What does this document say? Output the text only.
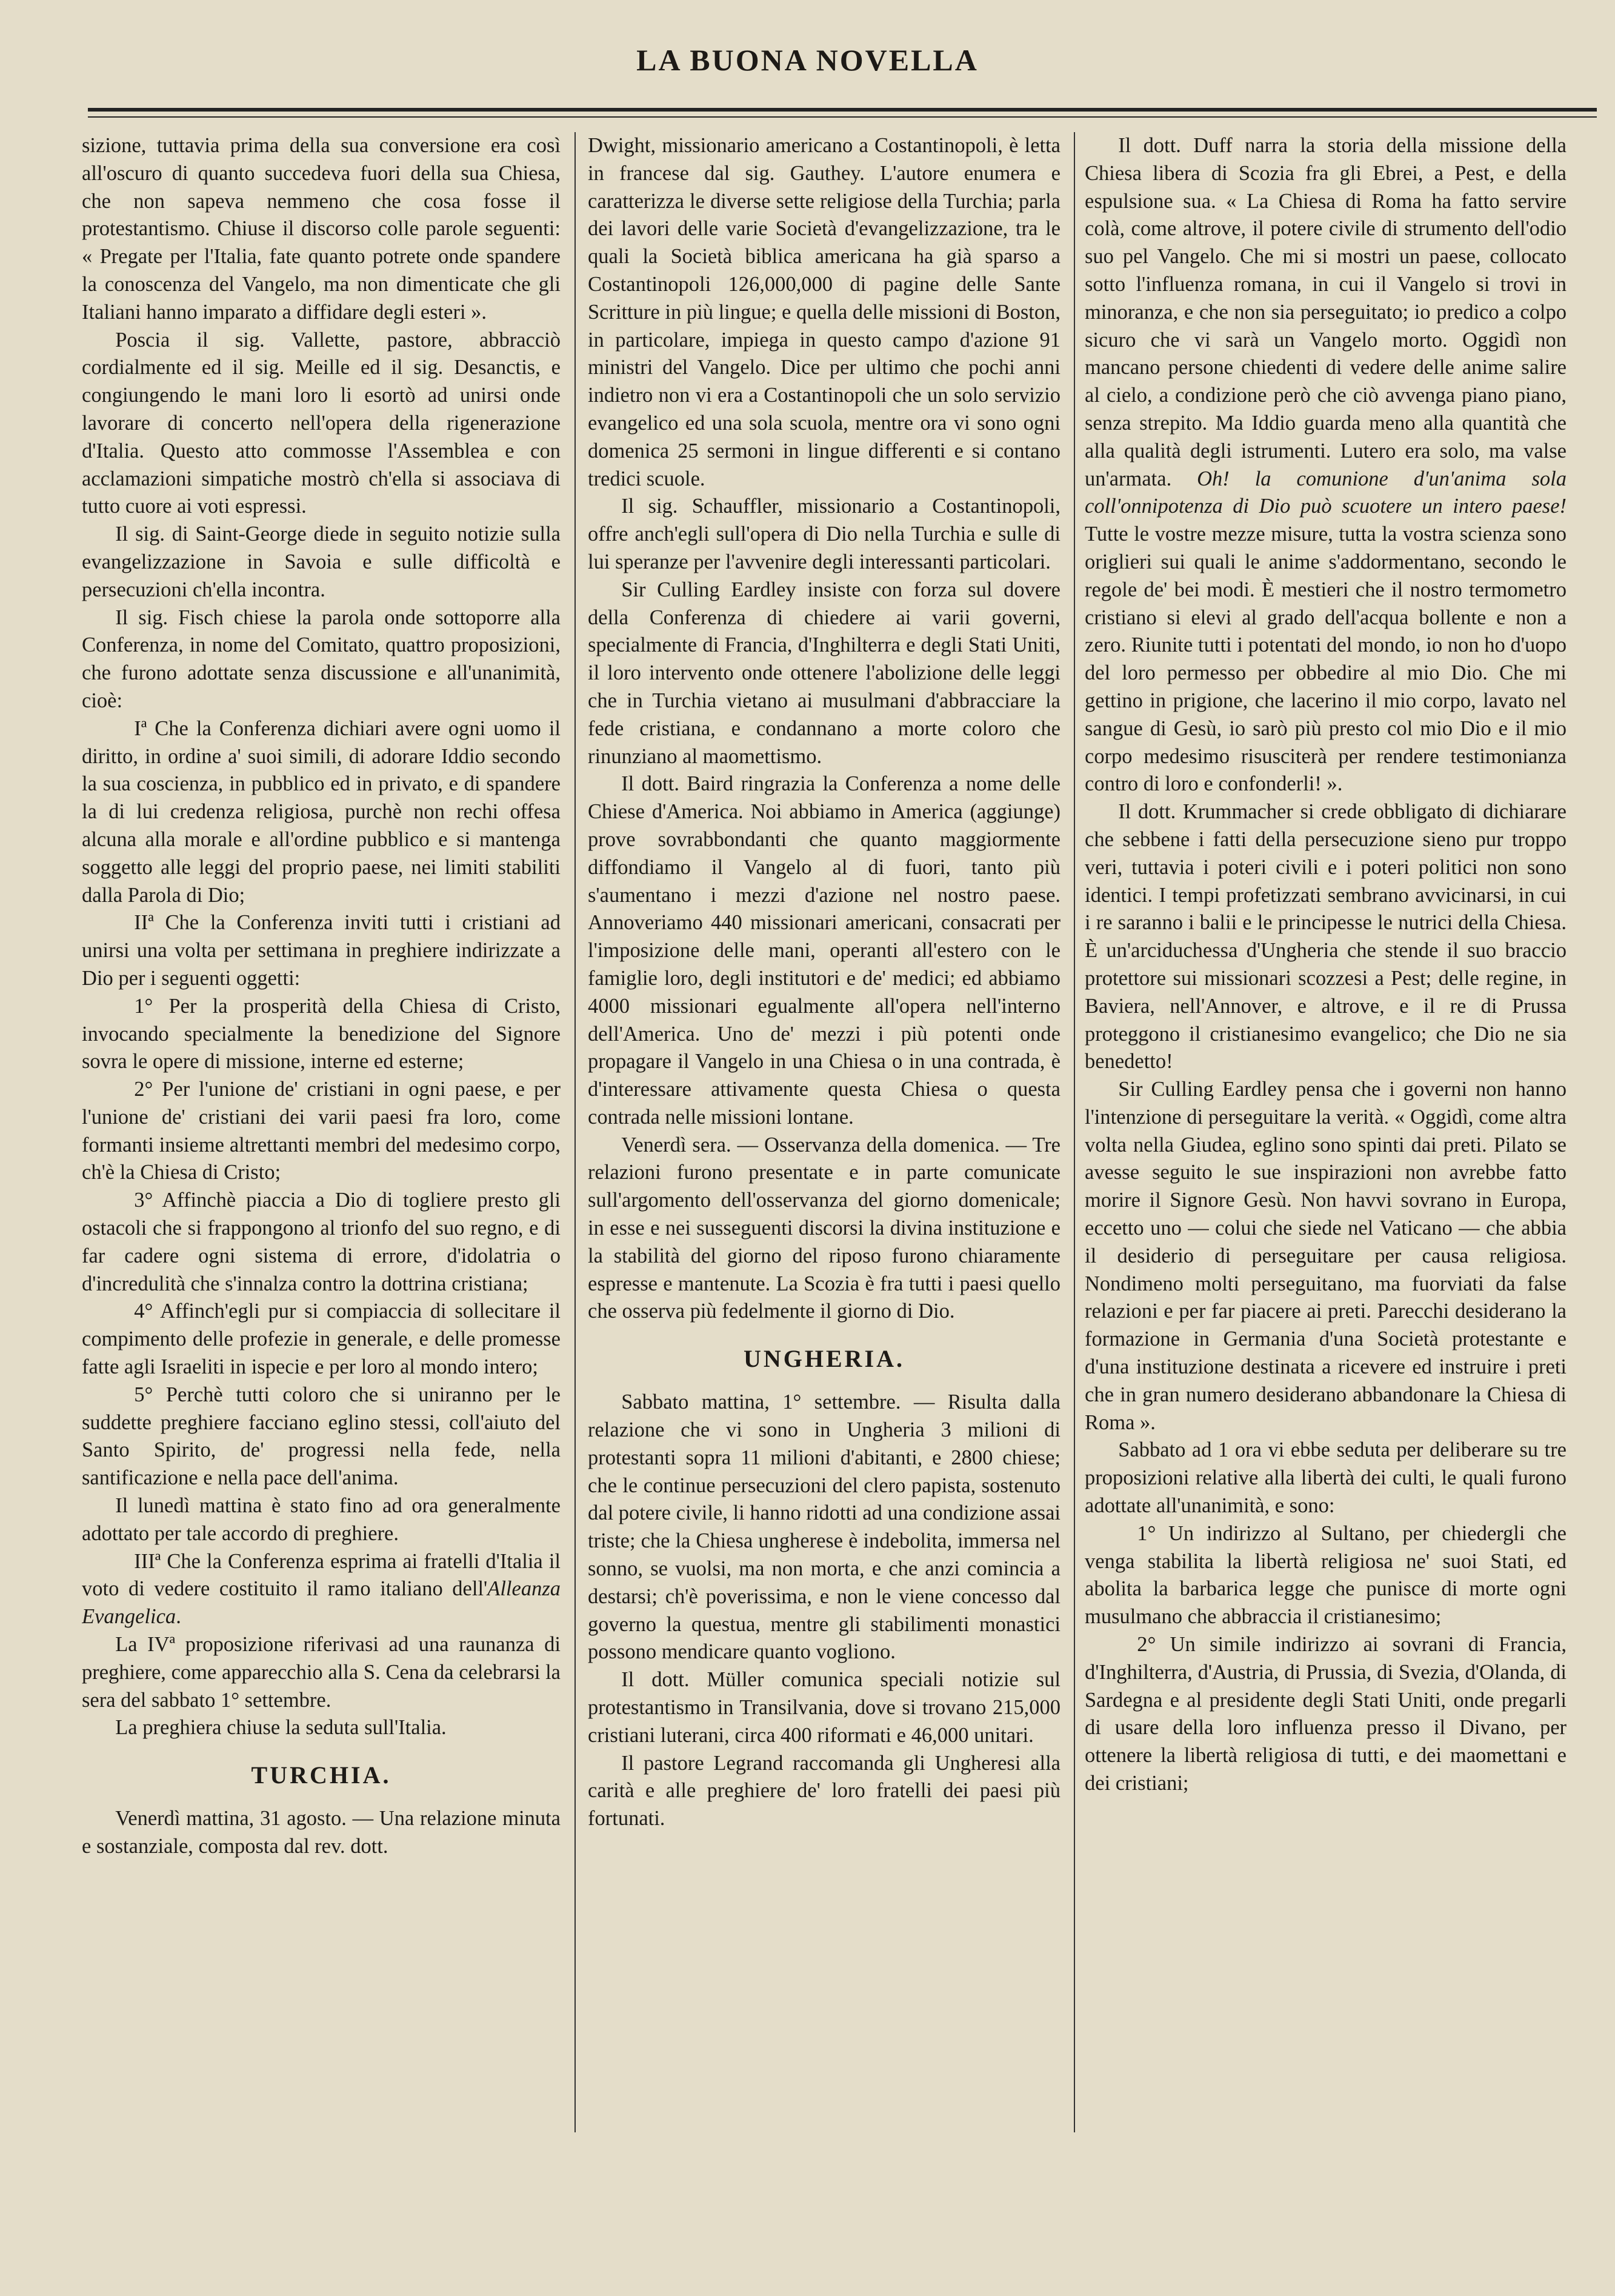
LA BUONA NOVELLA

sizione, tuttavia prima della sua conversione era così all'oscuro di quanto succedeva fuori della sua Chiesa, che non sapeva nemmeno che cosa fosse il protestantismo. Chiuse il discorso colle parole seguenti: « Pregate per l'Italia, fate quanto potrete onde spandere la conoscenza del Vangelo, ma non dimenticate che gli Italiani hanno imparato a diffidare degli esteri ».

Poscia il sig. Vallette, pastore, abbracciò cordialmente ed il sig. Meille ed il sig. Desanctis, e congiungendo le mani loro li esortò ad unirsi onde lavorare di concerto nell'opera della rigenerazione d'Italia. Questo atto commosse l'Assemblea e con acclamazioni simpatiche mostrò ch'ella si associava di tutto cuore ai voti espressi.

Il sig. di Saint-George diede in seguito notizie sulla evangelizzazione in Savoia e sulle difficoltà e persecuzioni ch'ella incontra.

Il sig. Fisch chiese la parola onde sottoporre alla Conferenza, in nome del Comitato, quattro proposizioni, che furono adottate senza discussione e all'unanimità, cioè:

Iª Che la Conferenza dichiari avere ogni uomo il diritto, in ordine a' suoi simili, di adorare Iddio secondo la sua coscienza, in pubblico ed in privato, e di spandere la di lui credenza religiosa, purchè non rechi offesa alcuna alla morale e all'ordine pubblico e si mantenga soggetto alle leggi del proprio paese, nei limiti stabiliti dalla Parola di Dio;

IIª Che la Conferenza inviti tutti i cristiani ad unirsi una volta per settimana in preghiere indirizzate a Dio per i seguenti oggetti:

1° Per la prosperità della Chiesa di Cristo, invocando specialmente la benedizione del Signore sovra le opere di missione, interne ed esterne;

2° Per l'unione de' cristiani in ogni paese, e per l'unione de' cristiani dei varii paesi fra loro, come formanti insieme altrettanti membri del medesimo corpo, ch'è la Chiesa di Cristo;

3° Affinchè piaccia a Dio di togliere presto gli ostacoli che si frappongono al trionfo del suo regno, e di far cadere ogni sistema di errore, d'idolatria o d'incredulità che s'innalza contro la dottrina cristiana;

4° Affinch'egli pur si compiaccia di sollecitare il compimento delle profezie in generale, e delle promesse fatte agli Israeliti in ispecie e per loro al mondo intero;

5° Perchè tutti coloro che si uniranno per le suddette preghiere facciano eglino stessi, coll'aiuto del Santo Spirito, de' progressi nella fede, nella santificazione e nella pace dell'anima.

Il lunedì mattina è stato fino ad ora generalmente adottato per tale accordo di preghiere.

IIIª Che la Conferenza esprima ai fratelli d'Italia il voto di vedere costituito il ramo italiano dell'Alleanza Evangelica.

La IVª proposizione riferivasi ad una raunanza di preghiere, come apparecchio alla S. Cena da celebrarsi la sera del sabbato 1° settembre.

La preghiera chiuse la seduta sull'Italia.

TURCHIA.

Venerdì mattina, 31 agosto. — Una relazione minuta e sostanziale, composta dal rev. dott.

Dwight, missionario americano a Costantinopoli, è letta in francese dal sig. Gauthey. L'autore enumera e caratterizza le diverse sette religiose della Turchia; parla dei lavori delle varie Società d'evangelizzazione, tra le quali la Società biblica americana ha già sparso a Costantinopoli 126,000,000 di pagine delle Sante Scritture in più lingue; e quella delle missioni di Boston, in particolare, impiega in questo campo d'azione 91 ministri del Vangelo. Dice per ultimo che pochi anni indietro non vi era a Costantinopoli che un solo servizio evangelico ed una sola scuola, mentre ora vi sono ogni domenica 25 sermoni in lingue differenti e si contano tredici scuole.

Il sig. Schauffler, missionario a Costantinopoli, offre anch'egli sull'opera di Dio nella Turchia e sulle di lui speranze per l'avvenire degli interessanti particolari.

Sir Culling Eardley insiste con forza sul dovere della Conferenza di chiedere ai varii governi, specialmente di Francia, d'Inghilterra e degli Stati Uniti, il loro intervento onde ottenere l'abolizione delle leggi che in Turchia vietano ai musulmani d'abbracciare la fede cristiana, e condannano a morte coloro che rinunziano al maomettismo.

Il dott. Baird ringrazia la Conferenza a nome delle Chiese d'America. Noi abbiamo in America (aggiunge) prove sovrabbondanti che quanto maggiormente diffondiamo il Vangelo al di fuori, tanto più s'aumentano i mezzi d'azione nel nostro paese. Annoveriamo 440 missionari americani, consacrati per l'imposizione delle mani, operanti all'estero con le famiglie loro, degli institutori e de' medici; ed abbiamo 4000 missionari egualmente all'opera nell'interno dell'America. Uno de' mezzi i più potenti onde propagare il Vangelo in una Chiesa o in una contrada, è d'interessare attivamente questa Chiesa o questa contrada nelle missioni lontane.

Venerdì sera. — Osservanza della domenica. — Tre relazioni furono presentate e in parte comunicate sull'argomento dell'osservanza del giorno domenicale; in esse e nei susseguenti discorsi la divina instituzione e la stabilità del giorno del riposo furono chiaramente espresse e mantenute. La Scozia è fra tutti i paesi quello che osserva più fedelmente il giorno di Dio.

UNGHERIA.

Sabbato mattina, 1° settembre. — Risulta dalla relazione che vi sono in Ungheria 3 milioni di protestanti sopra 11 milioni d'abitanti, e 2800 chiese; che le continue persecuzioni del clero papista, sostenuto dal potere civile, li hanno ridotti ad una condizione assai triste; che la Chiesa ungherese è indebolita, immersa nel sonno, se vuolsi, ma non morta, e che anzi comincia a destarsi; ch'è poverissima, e non le viene concesso dal governo la questua, mentre gli stabilimenti monastici possono mendicare quanto vogliono.

Il dott. Müller comunica speciali notizie sul protestantismo in Transilvania, dove si trovano 215,000 cristiani luterani, circa 400 riformati e 46,000 unitari.

Il pastore Legrand raccomanda gli Ungheresi alla carità e alle preghiere de' loro fratelli dei paesi più fortunati.

Il dott. Duff narra la storia della missione della Chiesa libera di Scozia fra gli Ebrei, a Pest, e della espulsione sua. « La Chiesa di Roma ha fatto servire colà, come altrove, il potere civile di strumento dell'odio suo pel Vangelo. Che mi si mostri un paese, collocato sotto l'influenza romana, in cui il Vangelo si trovi in minoranza, e che non sia perseguitato; io predico a colpo sicuro che vi sarà un Vangelo morto. Oggidì non mancano persone chiedenti di vedere delle anime salire al cielo, a condizione però che ciò avvenga piano piano, senza strepito. Ma Iddio guarda meno alla quantità che alla qualità degli istrumenti. Lutero era solo, ma valse un'armata. Oh! la comunione d'un'anima sola coll'onnipotenza di Dio può scuotere un intero paese! Tutte le vostre mezze misure, tutta la vostra scienza sono origlieri sui quali le anime s'addormentano, secondo le regole de' bei modi. È mestieri che il nostro termometro cristiano si elevi al grado dell'acqua bollente e non a zero. Riunite tutti i potentati del mondo, io non ho d'uopo del loro permesso per obbedire al mio Dio. Che mi gettino in prigione, che lacerino il mio corpo, lavato nel sangue di Gesù, io sarò più presto col mio Dio e il mio corpo medesimo risusciterà per rendere testimonianza contro di loro e confonderli! ».

Il dott. Krummacher si crede obbligato di dichiarare che sebbene i fatti della persecuzione sieno pur troppo veri, tuttavia i poteri civili e i poteri politici non sono identici. I tempi profetizzati sembrano avvicinarsi, in cui i re saranno i balii e le principesse le nutrici della Chiesa. È un'arciduchessa d'Ungheria che stende il suo braccio protettore sui missionari scozzesi a Pest; delle regine, in Baviera, nell'Annover, e altrove, e il re di Prussa proteggono il cristianesimo evangelico; che Dio ne sia benedetto!

Sir Culling Eardley pensa che i governi non hanno l'intenzione di perseguitare la verità. « Oggidì, come altra volta nella Giudea, eglino sono spinti dai preti. Pilato se avesse seguito le sue inspirazioni non avrebbe fatto morire il Signore Gesù. Non havvi sovrano in Europa, eccetto uno — colui che siede nel Vaticano — che abbia il desiderio di perseguitare per causa religiosa. Nondimeno molti perseguitano, ma fuorviati da false relazioni e per far piacere ai preti. Parecchi desiderano la formazione in Germania d'una Società protestante e d'una instituzione destinata a ricevere ed instruire i preti che in gran numero desiderano abbandonare la Chiesa di Roma ».

Sabbato ad 1 ora vi ebbe seduta per deliberare su tre proposizioni relative alla libertà dei culti, le quali furono adottate all'unanimità, e sono:

1° Un indirizzo al Sultano, per chiedergli che venga stabilita la libertà religiosa ne' suoi Stati, ed abolita la barbarica legge che punisce di morte ogni musulmano che abbraccia il cristianesimo;

2° Un simile indirizzo ai sovrani di Francia, d'Inghilterra, d'Austria, di Prussia, di Svezia, d'Olanda, di Sardegna e al presidente degli Stati Uniti, onde pregarli di usare della loro influenza presso il Divano, per ottenere la libertà religiosa di tutti, e dei maomettani e dei cristiani;
